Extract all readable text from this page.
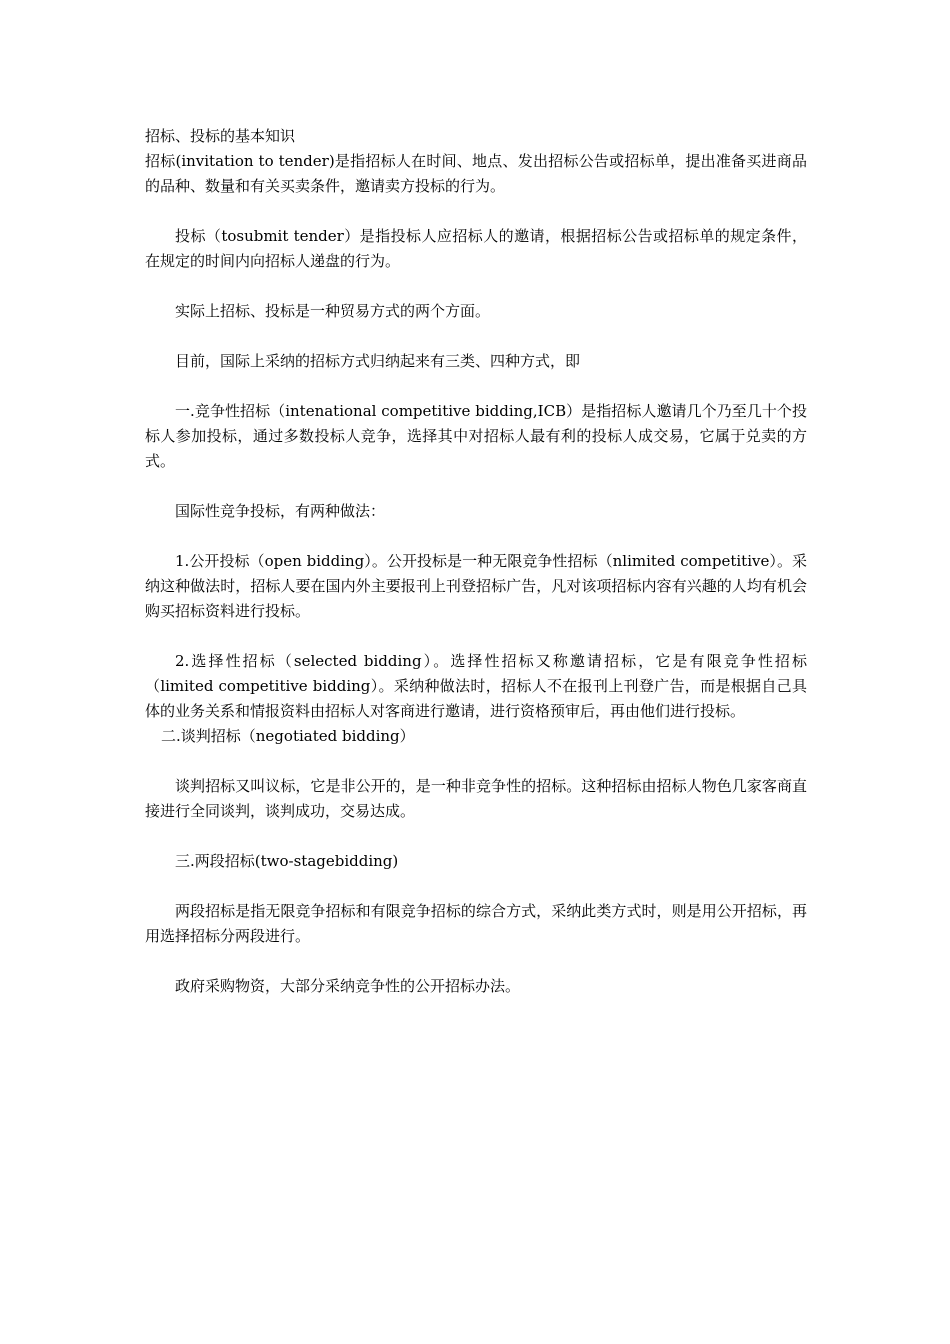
招标、投标的基本知识

招标(invitation to tender)是指招标人在时间、地点、发出招标公告或招标单，提出准备买进商品的品种、数量和有关买卖条件，邀请卖方投标的行为。

投标（tosubmit tender）是指投标人应招标人的邀请，根据招标公告或招标单的规定条件，在规定的时间内向招标人递盘的行为。

实际上招标、投标是一种贸易方式的两个方面。

目前，国际上采纳的招标方式归纳起来有三类、四种方式，即

一.竞争性招标（intenational competitive bidding,ICB）是指招标人邀请几个乃至几十个投标人参加投标，通过多数投标人竞争，选择其中对招标人最有利的投标人成交易，它属于兑卖的方式。

国际性竞争投标，有两种做法：

1.公开投标（open bidding）。公开投标是一种无限竞争性招标（nlimited competitive）。采纳这种做法时，招标人要在国内外主要报刊上刊登招标广告，凡对该项招标内容有兴趣的人均有机会购买招标资料进行投标。

2.选择性招标（selected bidding）。选择性招标又称邀请招标，它是有限竞争性招标（limited competitive bidding）。采纳种做法时，招标人不在报刊上刊登广告，而是根据自己具体的业务关系和情报资料由招标人对客商进行邀请，进行资格预审后，再由他们进行投标。

二.谈判招标（negotiated bidding）

谈判招标又叫议标，它是非公开的，是一种非竞争性的招标。这种招标由招标人物色几家客商直接进行全同谈判，谈判成功，交易达成。

三.两段招标(two-stagebidding)

两段招标是指无限竞争招标和有限竞争招标的综合方式，采纳此类方式时，则是用公开招标，再用选择招标分两段进行。

政府采购物资，大部分采纳竞争性的公开招标办法。
